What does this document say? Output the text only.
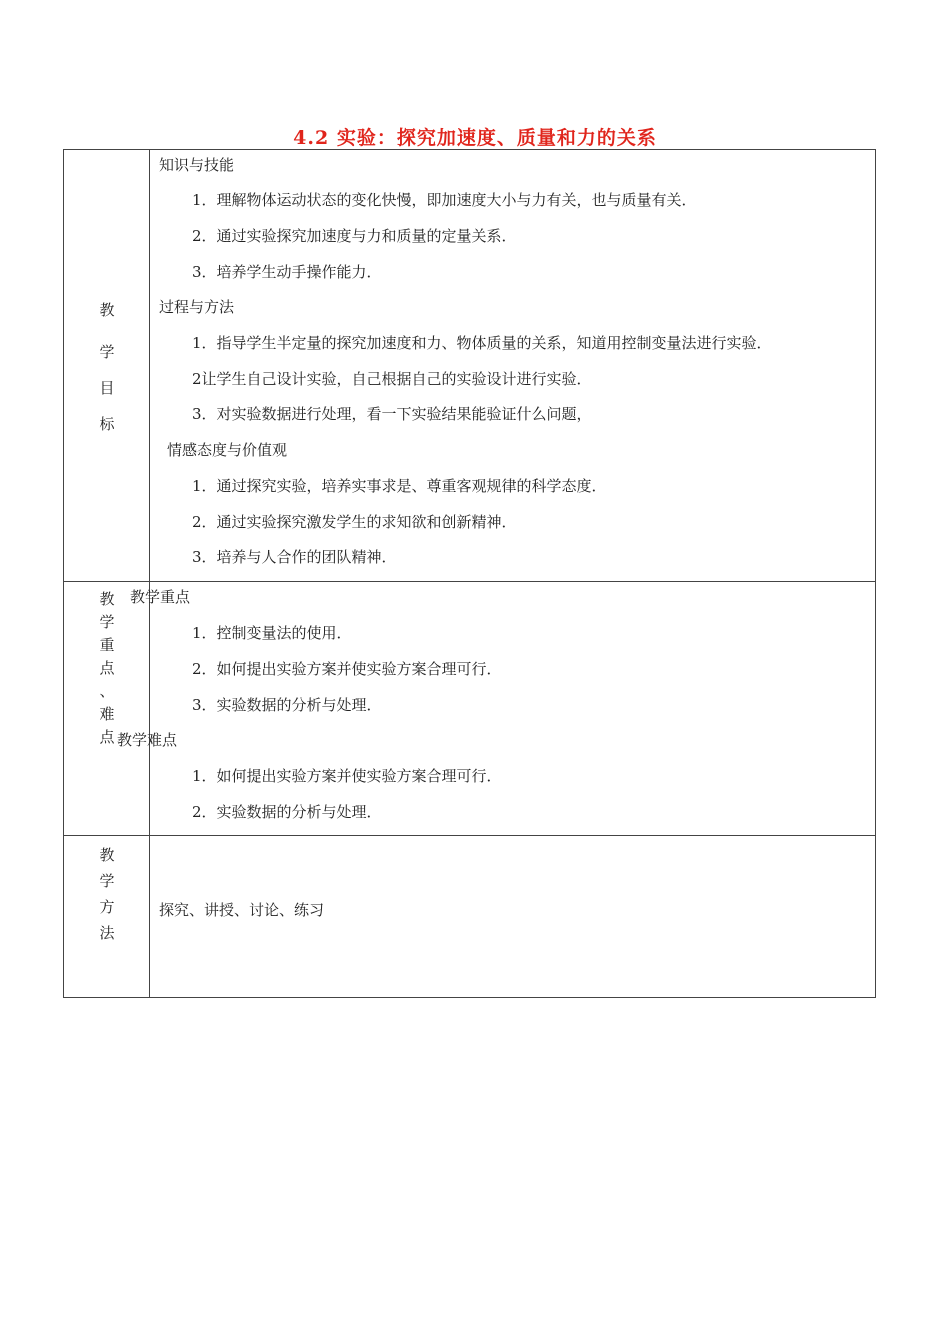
4.2 实验：探究加速度、质量和力的关系
教
学
目
标
知识与技能
1．理解物体运动状态的变化快慢，即加速度大小与力有关，也与质量有关．
2．通过实验探究加速度与力和质量的定量关系．
3．培养学生动手操作能力．
过程与方法
1．指导学生半定量的探究加速度和力、物体质量的关系，知道用控制变量法进行实验．
2让学生自己设计实验，自己根据自己的实验设计进行实验．
3．对实验数据进行处理，看一下实验结果能验证什么问题，
情感态度与价值观
1．通过探究实验，培养实事求是、尊重客观规律的科学态度．
2．通过实验探究激发学生的求知欲和创新精神．
3．培养与人合作的团队精神．
教
学
重
点
、
难
点
教学重点
1．控制变量法的使用．
2．如何提出实验方案并使实验方案合理可行．
3．实验数据的分析与处理．
教学难点
1．如何提出实验方案并使实验方案合理可行．
2．实验数据的分析与处理．
教
学
方
法
探究、讲授、讨论、练习
